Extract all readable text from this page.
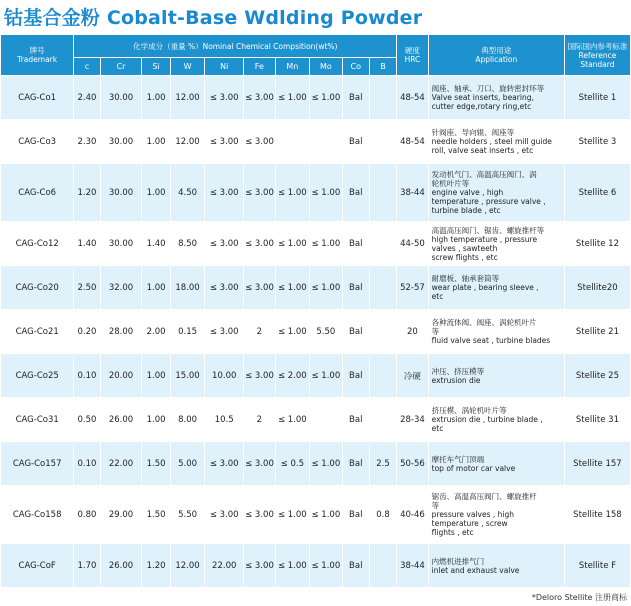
钴基合金粉 Cobalt-Base Wdlding Powder
牌号
Trademark	化学成分（重量 %）Nominal Chemical Compsition(wt%)										硬度
HRC	典型用途
Application	国际国内参考标准
Reference
Standard
	c	Cr	Si	W	Ni	Fe	Mn	Mo	Co	B			
CAG-Co1	2.40	30.00	1.00	12.00	≤ 3.00	≤ 3.00	≤ 1.00	≤ 1.00	Bal		48-54	阀座、轴承、刀口、旋转密封环等
Valve seat inserts, bearing,
cutter edge,rotary ring,etc	Stellite 1
CAG-Co3	2.30	30.00	1.00	12.00	≤ 3.00	≤ 3.00			Bal		48-54	针阀座、导向辊、阀座等
needle holders , steel mill guide
roll, valve seat inserts , etc	Stellite 3
CAG-Co6	1.20	30.00	1.00	4.50	≤ 3.00	≤ 3.00	≤ 1.00	≤ 1.00	Bal		38-44	发动机气门、高温高压阀门、涡
轮机叶片等
engine valve , high
temperature , pressure valve ,
turbine blade , etc	Stellite 6
CAG-Co12	1.40	30.00	1.40	8.50	≤ 3.00	≤ 3.00	≤ 1.00	≤ 1.00	Bal		44-50	高温高压阀门、锯齿、螺旋推杆等
high temperature , pressure
valves , sawteeth
screw flights , etc	Stellite 12
CAG-Co20	2.50	32.00	1.00	18.00	≤ 3.00	≤ 3.00	≤ 1.00	≤ 1.00	Bal		52-57	耐磨板、轴承套筒等
wear plate , bearing sleeve ,
etc	Stellite20
CAG-Co21	0.20	28.00	2.00	0.15	≤ 3.00	2	≤ 1.00	5.50	Bal		20	各种流体阀、阀座、涡轮机叶片
等
fluid valve seat , turbine blades	Stellite 21
CAG-Co25	0.10	20.00	1.00	15.00	10.00	≤ 3.00	≤ 2.00	≤ 1.00	Bal		冷硬	冲压、挤压模等
extrusion die	Stellite 25
CAG-Co31	0.50	26.00	1.00	8.00	10.5	2	≤ 1.00		Bal		28-34	挤压模、涡轮机叶片等
extrusion die , turbine blade ,
etc	Stellite 31
CAG-Co157	0.10	22.00	1.50	5.00	≤ 3.00	≤ 3.00	≤ 0.5	≤ 1.00	Bal	2.5	50-56	摩托车气门顶端
top of motor car valve	Stellite 157
CAG-Co158	0.80	29.00	1.50	5.50	≤ 3.00	≤ 3.00	≤ 1.00	≤ 1.00	Bal	0.8	40-46	锯齿、高温高压阀门、螺旋推杆
等
pressure valves , high
temperature , screw
flights , etc	Stellite 158
CAG-CoF	1.70	26.00	1.20	12.00	22.00	≤ 3.00	≤ 1.00	≤ 1.00	Bal		38-44	内燃机进排气门
inlet and exhaust valve	Stellite F
*Deloro Stellite 注册商标
